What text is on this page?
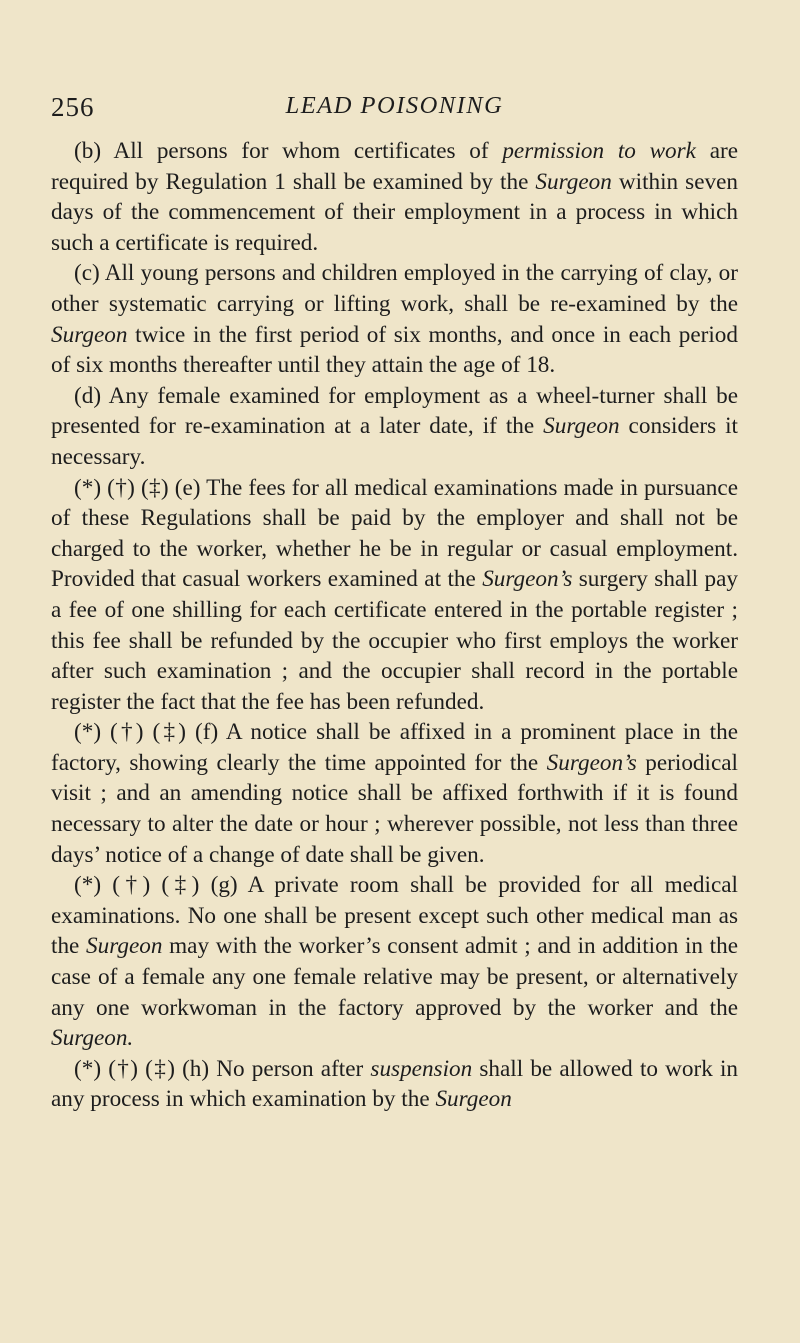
256	LEAD POISONING

(b) All persons for whom certificates of permission to work are required by Regulation 1 shall be examined by the Surgeon within seven days of the commencement of their employment in a process in which such a certificate is required.

(c) All young persons and children employed in the carrying of clay, or other systematic carrying or lifting work, shall be re-examined by the Surgeon twice in the first period of six months, and once in each period of six months thereafter until they attain the age of 18.

(d) Any female examined for employment as a wheel-turner shall be presented for re-examination at a later date, if the Surgeon considers it necessary.

(*) (†) (‡) (e) The fees for all medical examinations made in pursuance of these Regulations shall be paid by the employer and shall not be charged to the worker, whether he be in regular or casual employment. Provided that casual workers examined at the Surgeon’s surgery shall pay a fee of one shilling for each certificate entered in the portable register ; this fee shall be refunded by the occupier who first employs the worker after such examination ; and the occupier shall record in the portable register the fact that the fee has been refunded.

(*) (†) (‡) (f) A notice shall be affixed in a prominent place in the factory, showing clearly the time appointed for the Surgeon’s periodical visit ; and an amending notice shall be affixed forthwith if it is found necessary to alter the date or hour ; wherever possible, not less than three days’ notice of a change of date shall be given.

(*) (†) (‡) (g) A private room shall be provided for all medical examinations. No one shall be present except such other medical man as the Surgeon may with the worker’s consent admit ; and in addition in the case of a female any one female relative may be present, or alternatively any one workwoman in the factory approved by the worker and the Surgeon.

(*) (†) (‡) (h) No person after suspension shall be allowed to work in any process in which examination by the Surgeon
